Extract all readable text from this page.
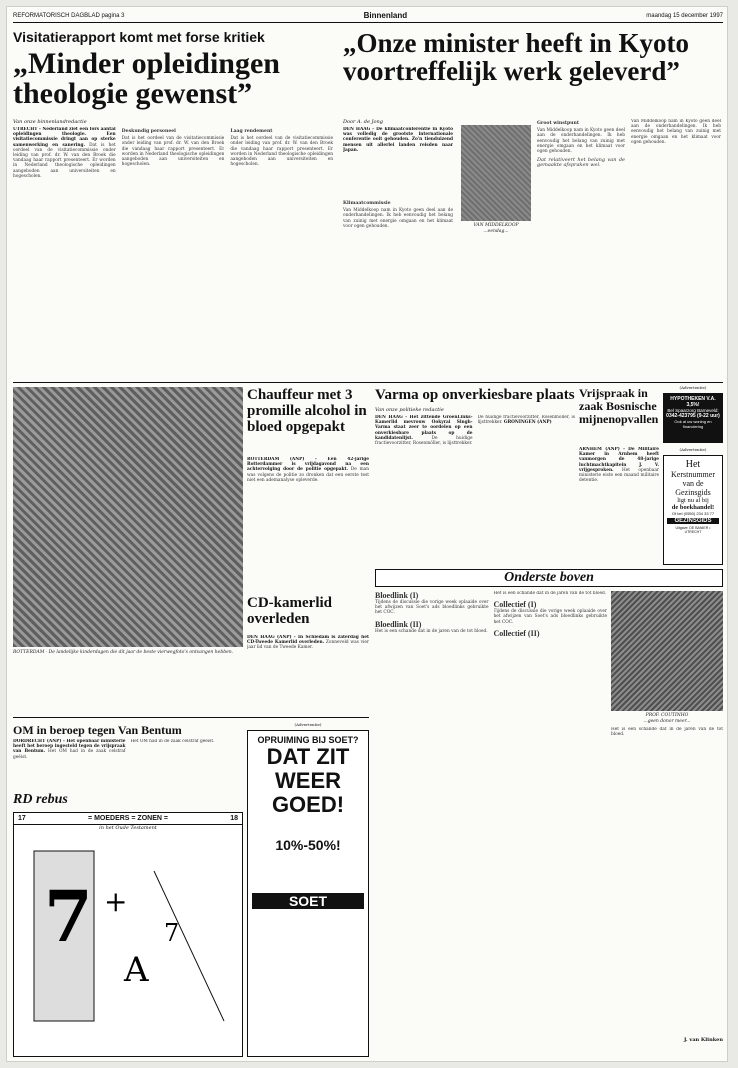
REFORMATORISCH DAGBLAD pagina 3	Binnenland	maandag 15 december 1997
Visitatierapport komt met forse kritiek
„Minder opleidingen theologie gewenst”
Van onze binnenlandredactie
UTRECHT - Nederland ziet een fors aantal opleidingen theologie. Een visitatiecommissie dringt aan op sterke samenwerking en sanering. Dat is het oordeel van de visitatiecommissie onder leiding van prof. dr. W. van den Broek die vandaag haar rapport presenteert. Er worden in Nederland theologische opleidingen aangeboden aan universiteiten en hogescholen.
Deskundig personeel
Dat is het oordeel van de visitatiecommissie onder leiding van prof. dr. W. van den Broek die vandaag haar rapport presenteert. Er worden in Nederland theologische opleidingen aangeboden aan universiteiten en hogescholen.
Laag rendement
Dat is het oordeel van de visitatiecommissie onder leiding van prof. dr. W. van den Broek die vandaag haar rapport presenteert. Er worden in Nederland theologische opleidingen aangeboden aan universiteiten en hogescholen.
„Onze minister heeft in Kyoto voortreffelijk werk geleverd”
Door A. de Jong
DEN HAAG - De klimaatconferentie in Kyoto was volledig de grootste internationale conferentie ooit gehouden. Zo'n tienduizend mensen uit allerlei landen reisden naar Japan.
VAN MIDDELKOOP
...eendag...
Klimaatcommissie
Van Middelkoop nam in Kyoto geen deel aan de onderhandelingen. Ik heb eenvoudig het belang van zuinig met energie omgaan en het klimaat voor ogen gehouden.
Groot winstpunt
Van Middelkoop nam in Kyoto geen deel aan de onderhandelingen. Ik heb eenvoudig het belang van zuinig met energie omgaan en het klimaat voor ogen gehouden.
Dat relativeert het belang van de gemaakte afspraken wel.
Van Middelkoop nam in Kyoto geen deel aan de onderhandelingen. Ik heb eenvoudig het belang van zuinig met energie omgaan en het klimaat voor ogen gehouden.
ROTTERDAM - De landelijke kinderdagen die dit jaar de beste vierwegfoto's ontvangen hebben.
Chauffeur met 3 promille alcohol in bloed opgepakt
ROTTERDAM (ANP) - Een 42-jarige Rotterdammer is vrijdagavond na een achtervolging door de politie opgepakt. De man was volgens de politie zo dronken dat een eerste test niet een ademanalyse opleverde.
CD-kamerlid overleden
DEN HAAG (ANP) - In Schiedam is zaterdag het CD-Tweede Kamerlid overleden. Zonneveld was vier jaar lid van de Tweede Kamer.
Varma op onverkiesbare plaats
Van onze politieke redactie
DEN HAAG - Het zittende GroenLinks-Kamerlid mevrouw Ookyrai Singh-Varma staat zeer te oordelen op een onverkiesbare plaats op de kandidatenlijst.	De huidige fractievoorzitter, Rosenmöller, is lijsttrekker.
De huidige fractievoorzitter, Rosenmöller, is lijsttrekker. GRONINGEN (ANP)
Vrijspraak in zaak Bosnische mijnenopvallen
ARNHEM (ANP) - De Militaire Kamer in Arnhem heeft vanmorgen de 48-jarige luchtmachtkapitein J. V. vrijgesproken. Het openbaar ministerie eiste een maand militaire detentie.
(Advertentie)
HYPOTHEKEN V.A. 3,5%!
Bel Spaarzorg Barneveld:
0342-423795 (9-22 uur)
Ook al uw woning en financiering
(Advertentie)
Het
Kerstnummer
van de
Gezinsgids
ligt nu al bij
de boekhandel!
Of bel (0550) 234 33 77
GEZINSGIDS
Uitgave: DE BANIER • UTRECHT
Onderste boven
Bloedlink (I)
Tijdens de discussie die vorige week oplaaide over het afwijzen van Soet's ads bloedlinks gebruikte het COC.
Bloedlink (II)
Het is een schande dat in de jaren van de tot bloed.
Het is een schande dat in de jaren van de tot bloed.
Collectief (I)
Tijdens de discussie die vorige week oplaaide over het afwijzen van Soet's ads bloedlinks gebruikte het COC.
Collectief (II)
PROF. COUTINHO
...geen donor meer...
Het is een schande dat in de jaren van de tot bloed.
J. van Klinken
OM in beroep tegen Van Bentum
DORDRECHT (ANP) - Het openbaar ministerie heeft het beroep ingesteld tegen de vrijspraak van Bentum. Het OM had in de zaak celstraf geëist.
Het OM had in de zaak celstraf geëist.
RD rebus
17	= MOEDERS = ZONEN =	18
in het Oude Testament
7 +
A
7
(Advertentie)
OPRUIMING BIJ SOET?
DAT ZIT
WEER
GOED!
10%-50%!
SOET
